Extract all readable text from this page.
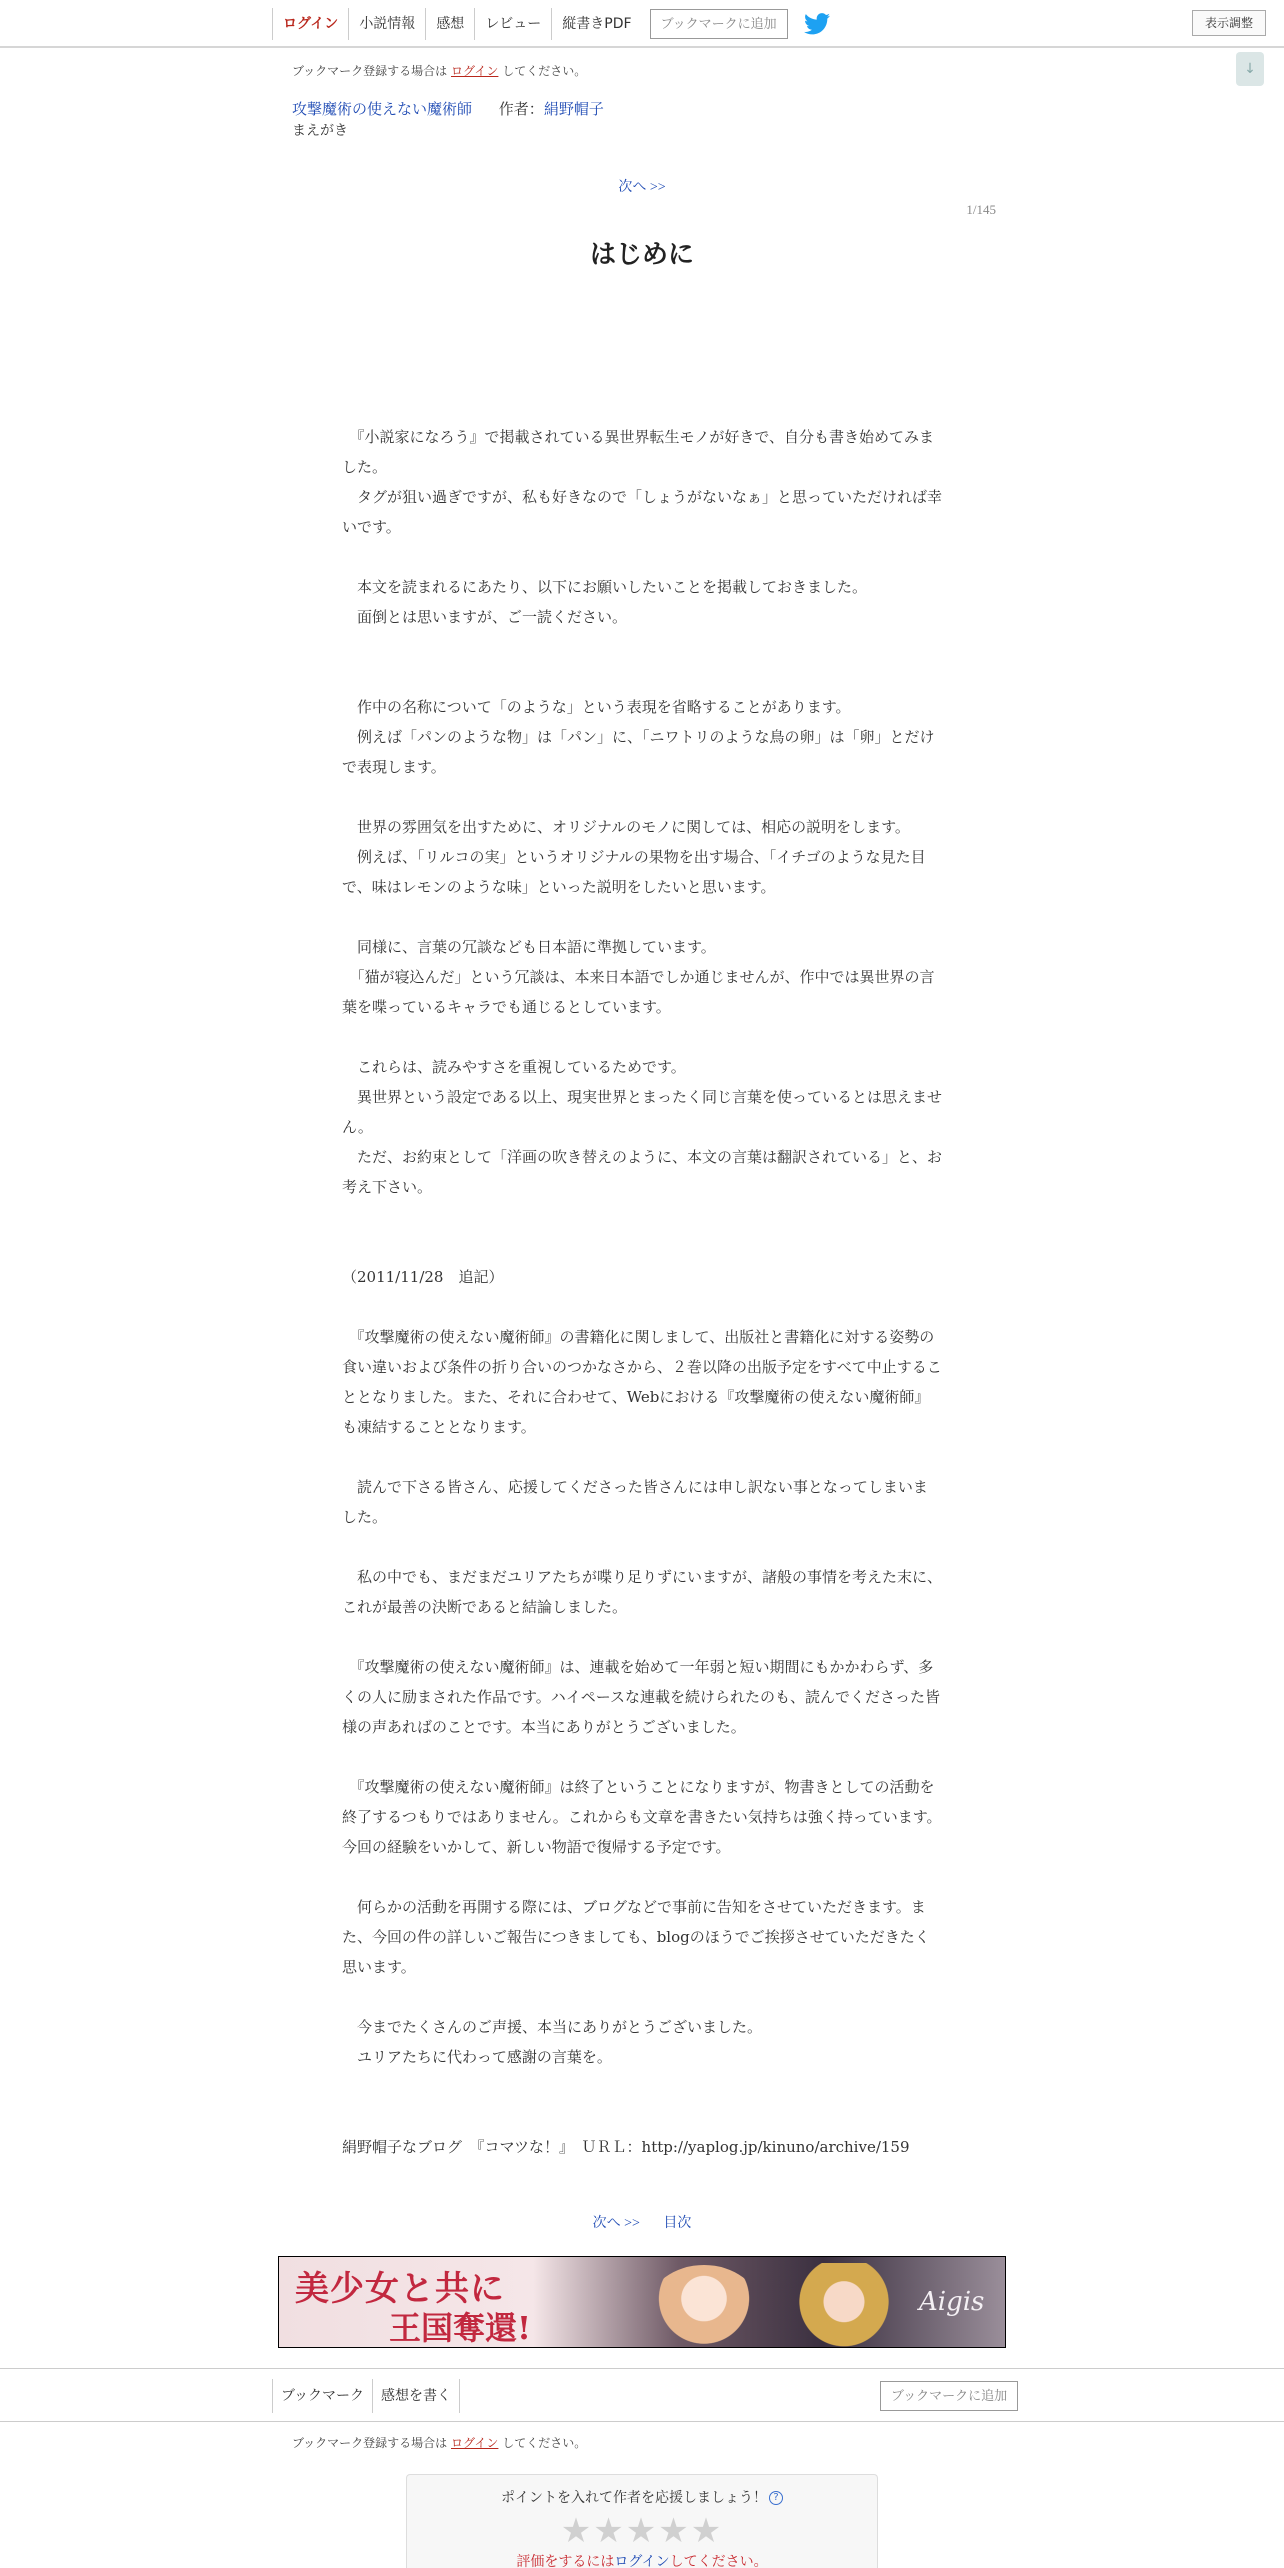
ログイン	小説情報	感想	レビュー	縦書きPDF	ブックマークに追加	表示調整
↓
ブックマーク登録する場合は ログイン してください。
攻撃魔術の使えない魔術師 作者：絹野帽子
まえがき
次へ >>
1/145
はじめに

　『小説家になろう』で掲載されている異世界転生モノが好きで、自分も書き始めてみました。

　タグが狙い過ぎですが、私も好きなので「しょうがないなぁ」と思っていただければ幸いです。

　本文を読まれるにあたり、以下にお願いしたいことを掲載しておきました。

　面倒とは思いますが、ご一読ください。

　作中の名称について「のような」という表現を省略することがあります。

　例えば「パンのような物」は「パン」に、「ニワトリのような鳥の卵」は「卵」とだけで表現します。

　世界の雰囲気を出すために、オリジナルのモノに関しては、相応の説明をします。

　例えば、「リルコの実」というオリジナルの果物を出す場合、「イチゴのような見た目で、味はレモンのような味」といった説明をしたいと思います。

　同様に、言葉の冗談なども日本語に準拠しています。

　「猫が寝込んだ」という冗談は、本来日本語でしか通じませんが、作中では異世界の言葉を喋っているキャラでも通じるとしています。

　これらは、読みやすさを重視しているためです。

　異世界という設定である以上、現実世界とまったく同じ言葉を使っているとは思えません。

　ただ、お約束として「洋画の吹き替えのように、本文の言葉は翻訳されている」と、お考え下さい。

（2011/11/28　追記）

　『攻撃魔術の使えない魔術師』の書籍化に関しまして、出版社と書籍化に対する姿勢の食い違いおよび条件の折り合いのつかなさから、２巻以降の出版予定をすべて中止することとなりました。また、それに合わせて、Webにおける『攻撃魔術の使えない魔術師』も凍結することとなります。

　読んで下さる皆さん、応援してくださった皆さんには申し訳ない事となってしまいました。

　私の中でも、まだまだユリアたちが喋り足りずにいますが、諸般の事情を考えた末に、これが最善の決断であると結論しました。

　『攻撃魔術の使えない魔術師』は、連載を始めて一年弱と短い期間にもかかわらず、多くの人に励まされた作品です。ハイペースな連載を続けられたのも、読んでくださった皆様の声あればのことです。本当にありがとうございました。

　『攻撃魔術の使えない魔術師』は終了ということになりますが、物書きとしての活動を終了するつもりではありません。これからも文章を書きたい気持ちは強く持っています。今回の経験をいかして、新しい物語で復帰する予定です。

　何らかの活動を再開する際には、ブログなどで事前に告知をさせていただきます。また、今回の件の詳しいご報告につきましても、blogのほうでご挨拶させていただきたく思います。

　今までたくさんのご声援、本当にありがとうございました。

　ユリアたちに代わって感謝の言葉を。

絹野帽子なブログ　『コマツな！』　ＵＲＬ：http://yaplog.jp/kinuno/archive/159

次へ >> 目次
美少女と共に
王国奪還!
Aigis
ブックマーク	感想を書く	ブックマークに追加
ブックマーク登録する場合は ログイン してください。
ポイントを入れて作者を応援しましょう！ ?
★★★★★
評価をするにはログインしてください。
